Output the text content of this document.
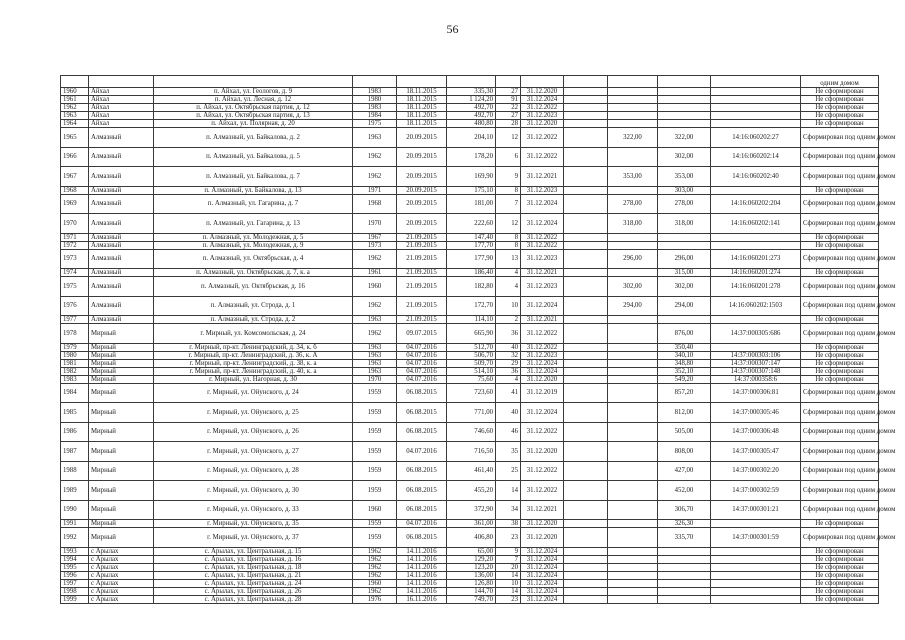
56
												одним домом
1960	Айхал	п. Айхал, ул. Геологов, д. 9	1983	18.11.2015	335,30	27	31.12.2020					Не сформирован
1961	Айхал	п. Айхал, ул. Лесная, д. 12	1980	18.11.2015	1 124,20	91	31.12.2024					Не сформирован
1962	Айхал	п. Айхал, ул. Октябрьская партия, д. 12	1983	18.11.2015	492,70	22	31.12.2022					Не сформирован
1963	Айхал	п. Айхал, ул. Октябрьская партия, д. 13	1984	18.11.2015	492,70	27	31.12.2023					Не сформирован
1964	Айхал	п. Айхал, ул. Полярная, д. 20	1975	18.11.2015	480,80	28	31.12.2020					Не сформирован
1965	Алмазный	п. Алмазный, ул. Байкалова, д. 2	1963	20.09.2015	204,10	12	31.12.2022		322,00	322,00	14:16:060202:27	Сформирован под одним домом
1966	Алмазный	п. Алмазный, ул. Байкалова, д. 5	1962	20.09.2015	178,20	6	31.12.2022			302,00	14:16:060202:14	Сформирован под одним домом
1967	Алмазный	п. Алмазный, ул. Байкалова, д. 7	1962	20.09.2015	169,90	9	31.12.2021		353,00	353,00	14:16:060202:40	Сформирован под одним домом
1968	Алмазный	п. Алмазный, ул. Байкалова, д. 13	1971	20.09.2015	175,10	8	31.12.2023			303,00		Не сформирован
1969	Алмазный	п. Алмазный, ул. Гагарина, д. 7	1968	20.09.2015	181,00	7	31.12.2024		278,00	278,00	14:16:060202:204	Сформирован под одним домом
1970	Алмазный	п. Алмазный, ул. Гагарина, д. 13	1970	20.09.2015	222,60	12	31.12.2024		318,00	318,00	14:16:060202:141	Сформирован под одним домом
1971	Алмазный	п. Алмазный, ул. Молодежная, д. 5	1967	21.09.2015	147,40	8	31.12.2022					Не сформирован
1972	Алмазный	п. Алмазный, ул. Молодежная, д. 9	1973	21.09.2015	177,70	8	31.12.2022					Не сформирован
1973	Алмазный	п. Алмазный, ул. Октябрьская, д. 4	1962	21.09.2015	177,90	13	31.12.2023		296,00	296,00	14:16:060201:273	Сформирован под одним домом
1974	Алмазный	п. Алмазный, ул. Октябрьская, д. 7, к. а	1961	21.09.2015	186,40	4	31.12.2021			315,00	14:16:060201:274	Не сформирован
1975	Алмазный	п. Алмазный, ул. Октябрьская, д. 16	1960	21.09.2015	182,80	4	31.12.2023		302,00	302,00	14:16:060201:278	Сформирован под одним домом
1976	Алмазный	п. Алмазный, ул. Строда, д. 1	1962	21.09.2015	172,70	10	31.12.2024		294,00	294,00	14:16:060202:1503	Сформирован под одним домом
1977	Алмазный	п. Алмазный, ул. Строда, д. 2	1963	21.09.2015	114,10	2	31.12.2021					Не сформирован
1978	Мирный	г. Мирный, ул. Комсомольская, д. 24	1962	09.07.2015	665,90	36	31.12.2022			876,00	14:37:000305:686	Сформирован под одним домом
1979	Мирный	г. Мирный, пр-кт. Ленинградский, д. 34, к. б	1963	04.07.2016	512,70	40	31.12.2022			350,40		Не сформирован
1980	Мирный	г. Мирный, пр-кт. Ленинградский, д. 36, к. А	1963	04.07.2016	506,70	32	31.12.2023			340,10	14:37:000303:106	Не сформирован
1981	Мирный	г. Мирный, пр-кт. Ленинградский, д. 38, к. а	1963	04.07.2016	509,70	29	31.12.2024			348,80	14:37:000307:147	Не сформирован
1982	Мирный	г. Мирный, пр-кт. Ленинградский, д. 40, к. а	1963	04.07.2016	514,10	36	31.12.2024			352,10	14:37:000307:148	Не сформирован
1983	Мирный	г. Мирный, ул. Нагорная, д. 30	1970	04.07.2016	75,60	4	31.12.2020			549,20	14:37:000358:6	Не сформирован
1984	Мирный	г. Мирный, ул. Ойунского, д. 24	1959	06.08.2015	723,60	41	31.12.2019			857,20	14:37:000306:81	Сформирован под одним домом
1985	Мирный	г. Мирный, ул. Ойунского, д. 25	1959	06.08.2015	771,00	40	31.12.2024			812,00	14:37:000305:46	Сформирован под одним домом
1986	Мирный	г. Мирный, ул. Ойунского, д. 26	1959	06.08.2015	746,60	46	31.12.2022			505,00	14:37:000306:48	Сформирован под одним домом
1987	Мирный	г. Мирный, ул. Ойунского, д. 27	1959	04.07.2016	716,50	35	31.12.2020			808,00	14:37:000305:47	Сформирован под одним домом
1988	Мирный	г. Мирный, ул. Ойунского, д. 28	1959	06.08.2015	461,40	25	31.12.2022			427,00	14:37:000302:20	Сформирован под одним домом
1989	Мирный	г. Мирный, ул. Ойунского, д. 30	1959	06.08.2015	455,20	14	31.12.2022			452,00	14:37:000302:59	Сформирован под одним домом
1990	Мирный	г. Мирный, ул. Ойунского, д. 33	1960	06.08.2015	372,90	34	31.12.2021			306,70	14:37:000301:21	Сформирован под одним домом
1991	Мирный	г. Мирный, ул. Ойунского, д. 35	1959	04.07.2016	361,00	38	31.12.2020			326,30		Не сформирован
1992	Мирный	г. Мирный, ул. Ойунского, д. 37	1959	06.08.2015	406,80	23	31.12.2020			335,70	14:37:000301:59	Сформирован под одним домом
1993	с Арылах	с. Арылах, ул. Центральная, д. 15	1962	14.11.2016	65,00	9	31.12.2024					Не сформирован
1994	с Арылах	с. Арылах, ул. Центральная, д. 16	1962	14.11.2016	129,20	7	31.12.2024					Не сформирован
1995	с Арылах	с. Арылах, ул. Центральная, д. 18	1962	14.11.2016	123,20	20	31.12.2024					Не сформирован
1996	с Арылах	с. Арылах, ул. Центральная, д. 21	1962	14.11.2016	136,00	14	31.12.2024					Не сформирован
1997	с Арылах	с. Арылах, ул. Центральная, д. 24	1960	14.11.2016	126,80	10	31.12.2024					Не сформирован
1998	с Арылах	с. Арылах, ул. Центральная, д. 26	1962	14.11.2016	144,70	14	31.12.2024					Не сформирован
1999	с Арылах	с. Арылах, ул. Центральная, д. 28	1976	16.11.2016	749,70	23	31.12.2024					Не сформирован
